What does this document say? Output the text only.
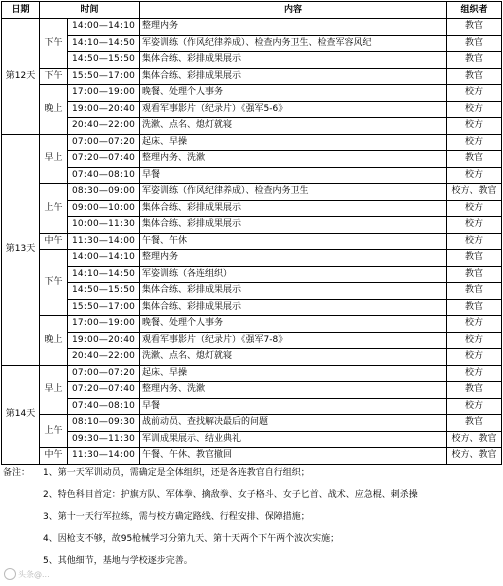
日期	时间		内容	组织者
第12天	下午	14:00—14:10	整理内务	教官
		14:10—14:50	军姿训练（作风纪律养成）、检查内务卫生、检查军容风纪	教官
		14:50—15:50	集体合练、彩排成果展示	教官
	下午	15:50—17:00	集体合练、彩排成果展示	教官
	晚上	17:00—19:00	晚餐、处理个人事务	校方
		19:00—20:40	观看军事影片（纪录片）《强军5-6》	校方
		20:40—22:00	洗漱、点名、熄灯就寝	校方
第13天	早上	07:00—07:20	起床、早操	校方
		07:20—07:40	整理内务、洗漱	教官
		07:40—08:10	早餐	校方
	上午	08:30—09:00	军姿训练（作风纪律养成）、检查内务卫生	校方、教官
		09:00—10:00	集体合练、彩排成果展示	校方
		10:00—11:30	集体合练、彩排成果展示	校方
	中午	11:30—14:00	午餐、午休	校方
	下午	14:00—14:10	整理内务	教官
		14:10—14:50	军姿训练（各连组织）	教官
		14:50—15:50	集体合练、彩排成果展示	教官
		15:50—17:00	集体合练、彩排成果展示	教官
	晚上	17:00—19:00	晚餐、处理个人事务	校方
		19:00—20:40	观看军事影片（纪录片）《强军7-8》	校方
		20:40—22:00	洗漱、点名、熄灯就寝	校方
第14天	早上	07:00—07:20	起床、早操	校方
		07:20—07:40	整理内务、洗漱	教官
		07:40—08:10	早餐	校方
	上午	08:10—09:30	战前动员、查找解决最后的问题	教官
		09:30—11:30	军训成果展示、结业典礼	校方、教官
	中午	11:30—14:00	午餐、午休、教官撤回	校方、教官
备注：	1、第一天军训动员，需确定是全体组织，还是各连教官自行组织；
2、特色科目首定：护旗方队、军体拳、擒敌拳、女子格斗、女子匕首、战术、应急棍、刺杀操
3、第十一天行军拉练，需与校方确定路线、行程安排、保障措施；
4、因枪支不够，故95枪械学习分第九天、第十天两个下午两个波次实施；
5、其他细节，基地与学校逐步完善。
头条@...
